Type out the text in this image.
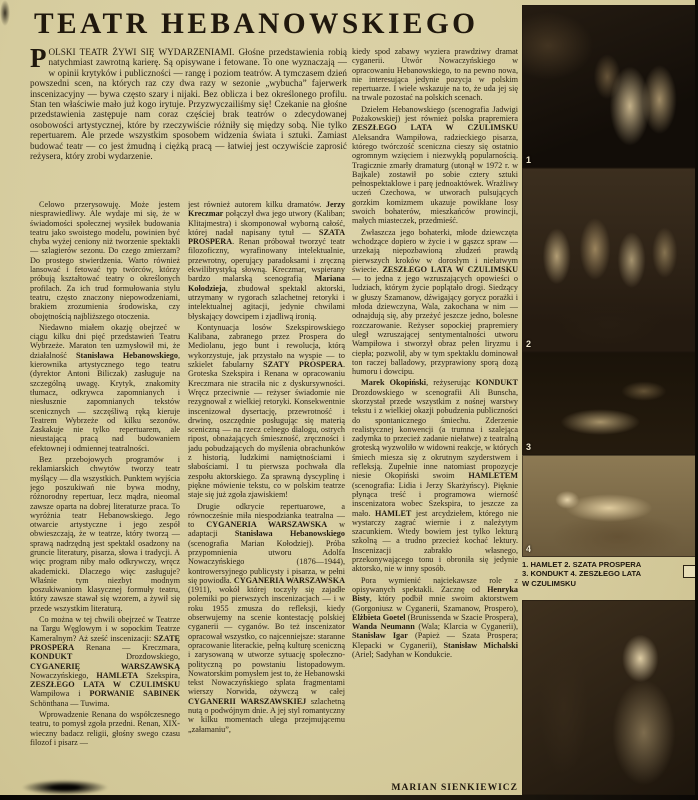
TEATR HEBANOWSKIEGO
POLSKI TEATR ŻYWI SIĘ WYDARZENIAMI. Głośne przedstawienia robią natychmiast zawrotną karierę. Są opisywane i fetowane. To one wyznaczają — w opinii krytyków i publiczności — rangę i poziom teatrów. A tymczasem dzień powszedni scen, na których raz czy dwa razy w sezonie „wybucha” fajerwerk inscenizacyjny — bywa często szary i nijaki. Bez oblicza i bez określonego profilu. Stan ten właściwie mało już kogo irytuje. Przyzwyczailiśmy się! Czekanie na głośne przedstawienia zastępuje nam coraz częściej brak teatrów o zdecydowanej osobowości artystycznej, które by rzeczywiście różniły się między sobą. Nie tylko repertuarem. Ale przede wszystkim sposobem widzenia świata i sztuki. Zamiast budować teatr — co jest żmudną i ciężką pracą — łatwiej jest oczywiście zaprosić reżysera, który zrobi wydarzenie.

Celowo przerysowuję. Może jestem niesprawiedliwy. Ale wydaje mi się, że w świadomości społecznej wysiłek budowania teatru jako swoistego modelu, powinien być chyba wyżej ceniony niż tworzenie spektakli — szlagierów sezonu. Do czego zmierzam? Do prostego stwierdzenia. Warto również lansować i fetować typ twórców, którzy próbują kształtować teatry o określonych profilach. Za ich trud formułowania stylu teatru, często znaczony niepowodzeniami, brakiem zrozumienia środowiska, czy obojętnością najbliższego otoczenia.

Niedawno miałem okazję obejrzeć w ciągu kilku dni pięć przedstawień Teatru Wybrzeże. Maraton ten uzmysłowił mi, że działalność Stanisława Hebanowskiego, kierownika artystycznego tego teatru (dyrektor Antoni Biliczak) zasługuje na szczególną uwagę. Krytyk, znakomity tłumacz, odkrywca zapomnianych i niesłusznie zapomnianych tekstów scenicznych — szczęśliwą ręką kieruje Teatrem Wybrzeże od kilku sezonów. Zaskakuje nie tylko repertuarem, ale nieustającą pracą nad budowaniem efektownej i odmiennej teatralności.

Bez przebojowych programów i reklamiarskich chwytów tworzy teatr myślący — dla wszystkich. Punktem wyjścia jego poszukiwań nie bywa modny, różnorodny repertuar, lecz mądra, nieomal zawsze oparta na dobrej literaturze praca. To wyróżnia teatr Hebanowskiego. Jego otwarcie artystyczne i jego zespół obwieszczają, że w teatrze, który tworzą — sprawą nadrzędną jest spektakl osadzony na gruncie literatury, pisarza, słowa i tradycji. A więc program niby mało odkrywczy, wręcz akademicki. Dlaczego więc zasługuje? Właśnie tym niezbyt modnym poszukiwaniom klasycznej formuły teatru, który zawsze stawał się wzorem, a żywił się przede wszystkim literaturą.

Co można w tej chwili obejrzeć w Teatrze na Targu Węglowym i w sopockim Teatrze Kameralnym? Aż sześć inscenizacji: SZATĘ PROSPERA Renana — Kreczmara, KONDUKT Drozdowskiego, CYGANERIĘ WARSZAWSKĄ Nowaczyńskiego, HAMLETA Szekspira, ZESZŁEGO LATA W CZULIMSKU Wampiłowa i PORWANIE SABINEK Schönthana — Tuwima.

Wprowadzenie Renana do współczesnego teatru, to pomysł zgoła przedni. Renan, XIX-wieczny badacz religii, głośny swego czasu filozof i pisarz —

jest również autorem kilku dramatów. Jerzy Kreczmar połączył dwa jego utwory (Kaliban; Klitajmestra) i skomponował wyborną całość, której nadał napisany tytuł — SZATA PROSPERA. Renan próbował tworzyć teatr filozoficzny, wyrafinowany intelektualnie, przewrotny, operujący paradoksami i zręczną ekwilibrystyką słowną. Kreczmar, wspierany bardzo malarską scenografią Mariana Kołodzieja, zbudował spektakl aktorski, utrzymany w rygorach szlachetnej retoryki i intelektualnej agitacji, jedynie chwilami błyskający dowcipem i zjadliwą ironią.

Kontynuacja losów Szekspirowskiego Kalibana, zabranego przez Prospera do Mediolanu, jego bunt i rewolucja, którą wykorzystuje, jak przystało na wyspie — to szkielet fabularny SZATY PROSPERA. Groteska Szekspira i Renana w opracowaniu Kreczmara nie straciła nic z dyskursywności. Wręcz przeciwnie — reżyser świadomie nie rezygnował z wielkiej retoryki. Konsekwentnie inscenizował dysertację, przewrotność i drwinę, oszczędnie posługując się materią sceniczną — na rzecz celnego dialogu, ostrych ripost, obnażających śmieszność, zręczności i jadu pobudzających do myślenia obrachunków z historią, ludzkimi namiętnościami i słabościami. I tu pierwsza pochwała dla zespołu aktorskiego. Za sprawną dyscyplinę i piękne mówienie tekstu, co w polskim teatrze staje się już zgoła zjawiskiem!

Drugie odkrycie repertuarowe, a równocześnie miła niespodzianka teatralna — to CYGANERIA WARSZAWSKA w adaptacji Stanisława Hebanowskiego (scenografia Marian Kołodziej). Próba przypomnienia utworu Adolfa Nowaczyńskiego (1876—1944), kontrowersyjnego publicysty i pisarza, w pełni się powiodła. CYGANERIA WARSZAWSKA (1911), wokół której toczyły się zajadłe polemiki po pierwszych inscenizacjach — i w roku 1955 zmusza do refleksji, kiedy obserwujemy na scenie kontestację polskiej cyganerii — cyganów. Bo też inscenizator opracował wszystko, co najcenniejsze: staranne opracowanie literackie, pełną kulturę sceniczną i zarysowaną w utworze sytuację społeczno-polityczną po powstaniu listopadowym. Nowatorskim pomysłem jest to, że Hebanowski tekst Nowaczyńskiego splata fragmentami wierszy Norwida, ożywczą w całej CYGANERII WARSZAWSKIEJ szlachetną nutą o podwójnym dnie. A jej styl romantyczny w kilku momentach ulega przejmującemu „załamaniu”,

kiedy spod zabawy wyziera prawdziwy dramat cyganerii. Utwór Nowaczyńskiego w opracowaniu Hebanowskiego, to na pewno nowa, nie interesująca jedynie pozycja w polskim repertuarze. I wiele wskazuje na to, że uda jej się na trwale pozostać na polskich scenach.

Dziełem Hebanowskiego (scenografia Jadwigi Pożakowskiej) jest również polska prapremiera ZESZŁEGO LATA W CZULIMSKU Aleksandra Wampiłowa, radzieckiego pisarza, którego twórczość sceniczna cieszy się ostatnio ogromnym wzięciem i niezwykłą popularnością. Tragicznie zmarły dramaturg (utonął w 1972 r. w Bajkale) zostawił po sobie cztery sztuki pełnospektaklowe i parę jednoaktówek. Wrażliwy uczeń Czechowa, w utworach pulsujących gorzkim komizmem ukazuje powikłane losy swoich bohaterów, mieszkańców prowincji, małych miasteczek, przedmieść.

Zwłaszcza jego bohaterki, młode dziewczęta wchodzące dopiero w życie i w gąszcz spraw — urzekają niepozbawioną złudzeń prawdą pierwszych kroków w dorosłym i niełatwym świecie. ZESZŁEGO LATA W CZULIMSKU — to jedna z jego wzruszających opowieści o ludziach, którym życie poplątało drogi. Siedzący w głuszy Szamanow, dźwigający gorycz porażki i młoda dziewczyna, Wala, zakochana w nim — odnajdują się, aby przeżyć jeszcze jedno, bolesne rozczarowanie. Reżyser sopockiej prapremiery uległ wzruszającej sentymentalności utworu Wampiłowa i stworzył obraz pełen liryzmu i ciepła; pozwolił, aby w tym spektaklu dominował ton raczej balladowy, przyprawiony sporą dozą humoru i dowcipu.

Marek Okopiński, reżyserując KONDUKT Drozdowskiego w scenografii Ali Bunscha, skorzystał przede wszystkim z nośnej warstwy tekstu i z wielkiej okazji pobudzenia publiczności do spontanicznego śmiechu. Zderzenie realistycznej konwencji (a trumna i szalejąca zadymka to przecież zadanie niełatwe) z teatralną groteską wyzwoliło w widowni reakcje, w których śmiech miesza się z okrutnym szyderstwem i refleksją. Zupełnie inne natomiast propozycje niesie Okopiński swoim HAMLETEM (scenografia: Lidia i Jerzy Skarżyńscy). Pięknie płynąca treść i programowa wierność inscenizatora wobec Szekspira, to jeszcze za mało. HAMLET jest arcydziełem, którego nie wystarczy zagrać wiernie i z należytym szacunkiem. Wtedy bowiem jest tylko lekturą szkolną — a trudno przecież kochać lektury. Inscenizacji zabrakło własnego, przekonywającego tonu i obroniła się jedynie aktorsko, nie w inny sposób.

Pora wymienić najciekawsze role z opisywanych spektakli. Zacznę od Henryka Bisty, który podbił mnie swoim aktorstwem (Gorgoniusz w Cyganerii, Szamanow, Prospero), Elżbieta Goetel (Brunissenda w Szacie Prospera), Wanda Neumann (Wala; Klarcia w Cyganerii), Stanisław Igar (Papież — Szata Prospera; Klepacki w Cyganerii), Stanisław Michalski (Ariel; Sadyhan w Kondukcie.

MARIAN SIENKIEWICZ
1
2
3
4
1. HAMLET 2. SZATA PROSPERA 3. KONDUKT 4. ZESZŁEGO LATA W CZULIMSKU
